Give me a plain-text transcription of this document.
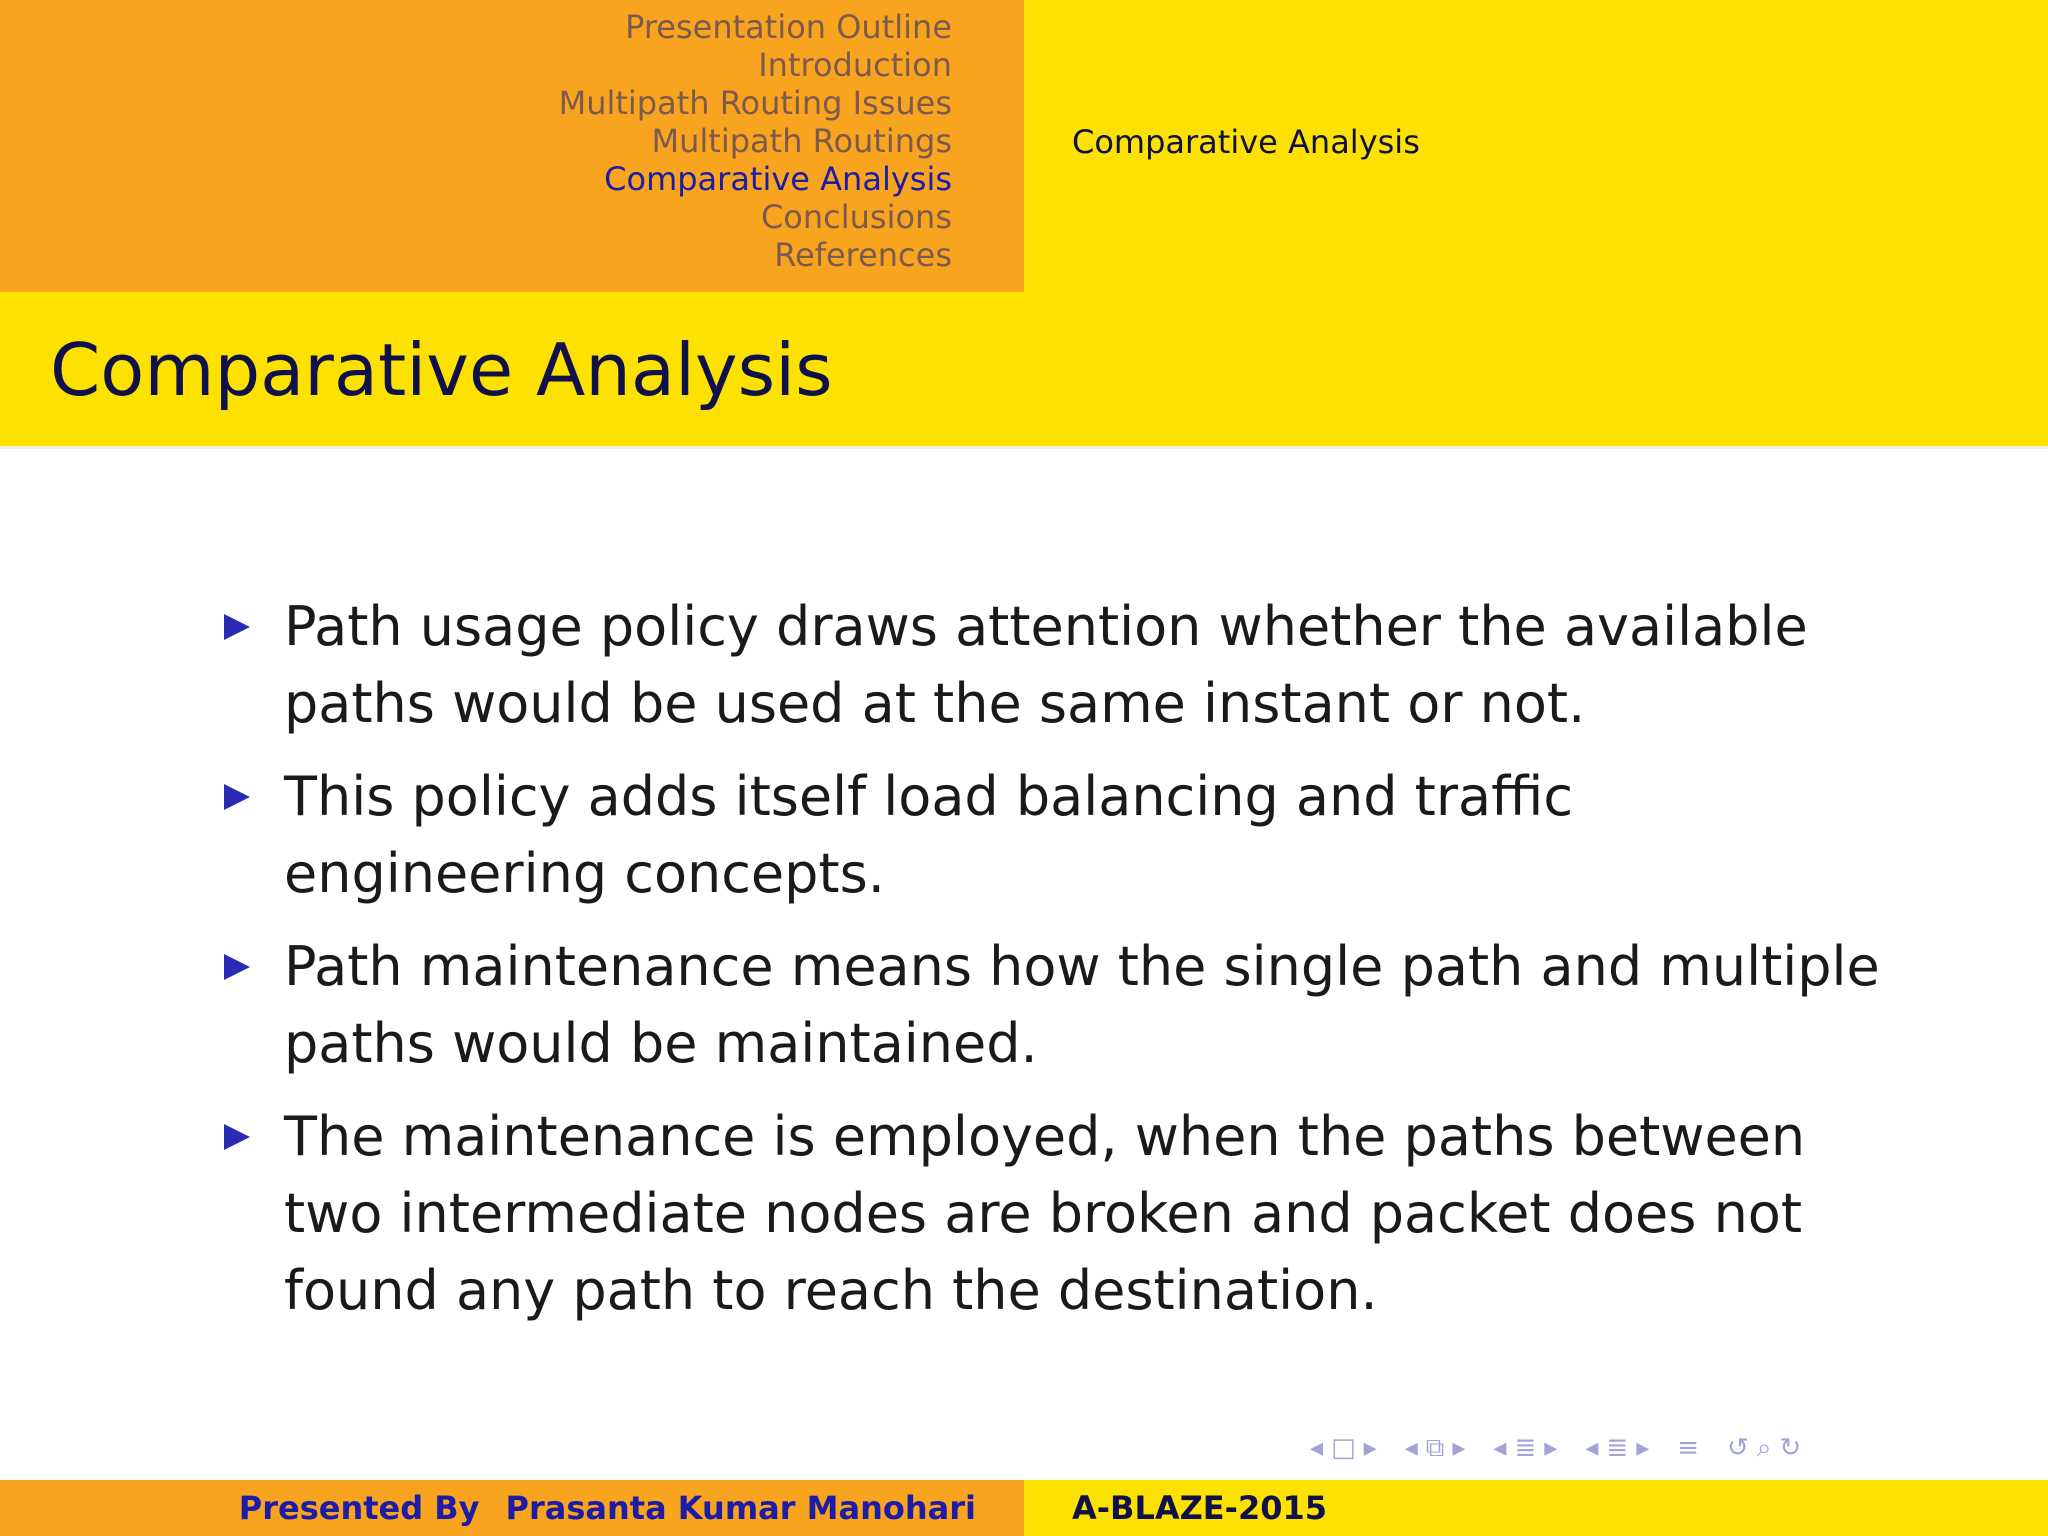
Presentation Outline
Introduction
Multipath Routing Issues
Multipath Routings
Comparative Analysis
Conclusions
References
Comparative Analysis
Comparative Analysis
Path usage policy draws attention whether the available paths would be used at the same instant or not.
This policy adds itself load balancing and traffic engineering concepts.
Path maintenance means how the single path and multiple paths would be maintained.
The maintenance is employed, when the paths between two intermediate nodes are broken and packet does not found any path to reach the destination.
◂ □ ▸ ◂ ⧉ ▸ ◂ ≣ ▸ ◂ ≣ ▸ ≡ ↺ ⌕ ↻
Presented By Prasanta Kumar Manohari	A-BLAZE-2015
